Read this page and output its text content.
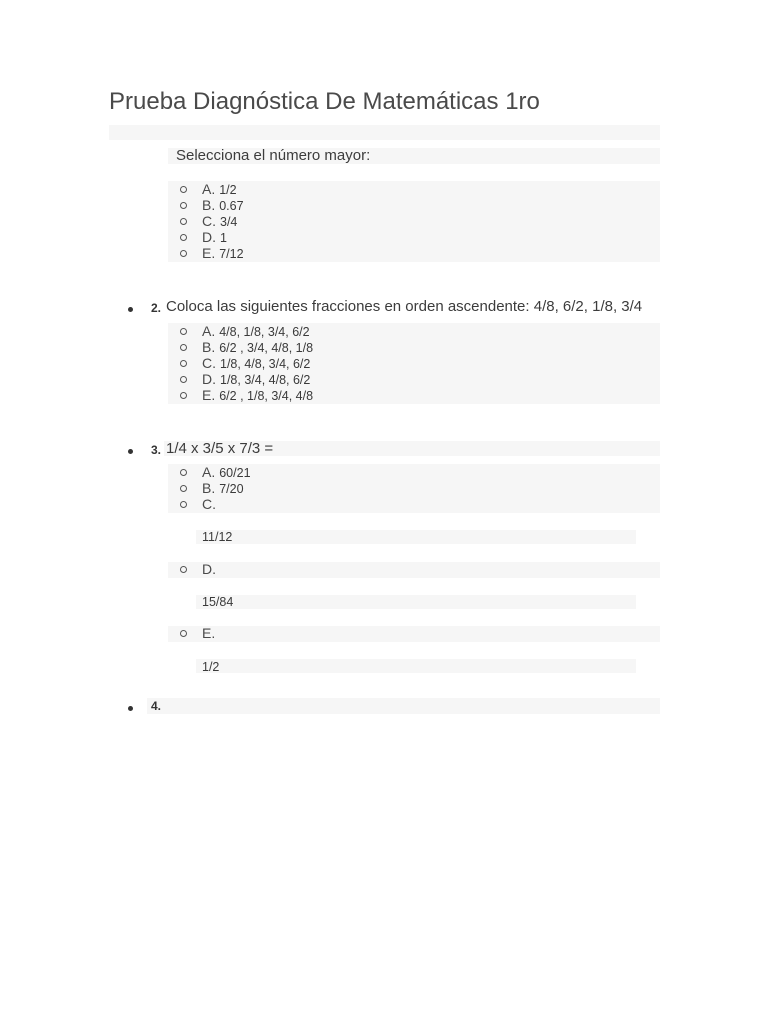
Prueba Diagnóstica De Matemáticas 1ro
Selecciona el número mayor:
A. 1/2
B. 0.67
C. 3/4
D. 1
E. 7/12
2. Coloca las siguientes fracciones en orden ascendente: 4/8, 6/2, 1/8, 3/4
A. 4/8, 1/8, 3/4, 6/2
B. 6/2 , 3/4, 4/8, 1/8
C. 1/8, 4/8, 3/4, 6/2
D. 1/8, 3/4, 4/8, 6/2
E. 6/2 , 1/8, 3/4, 4/8
3. 1/4 x 3/5 x 7/3 =
A. 60/21
B. 7/20
C.
11/12
D.
15/84
E.
1/2
4.
